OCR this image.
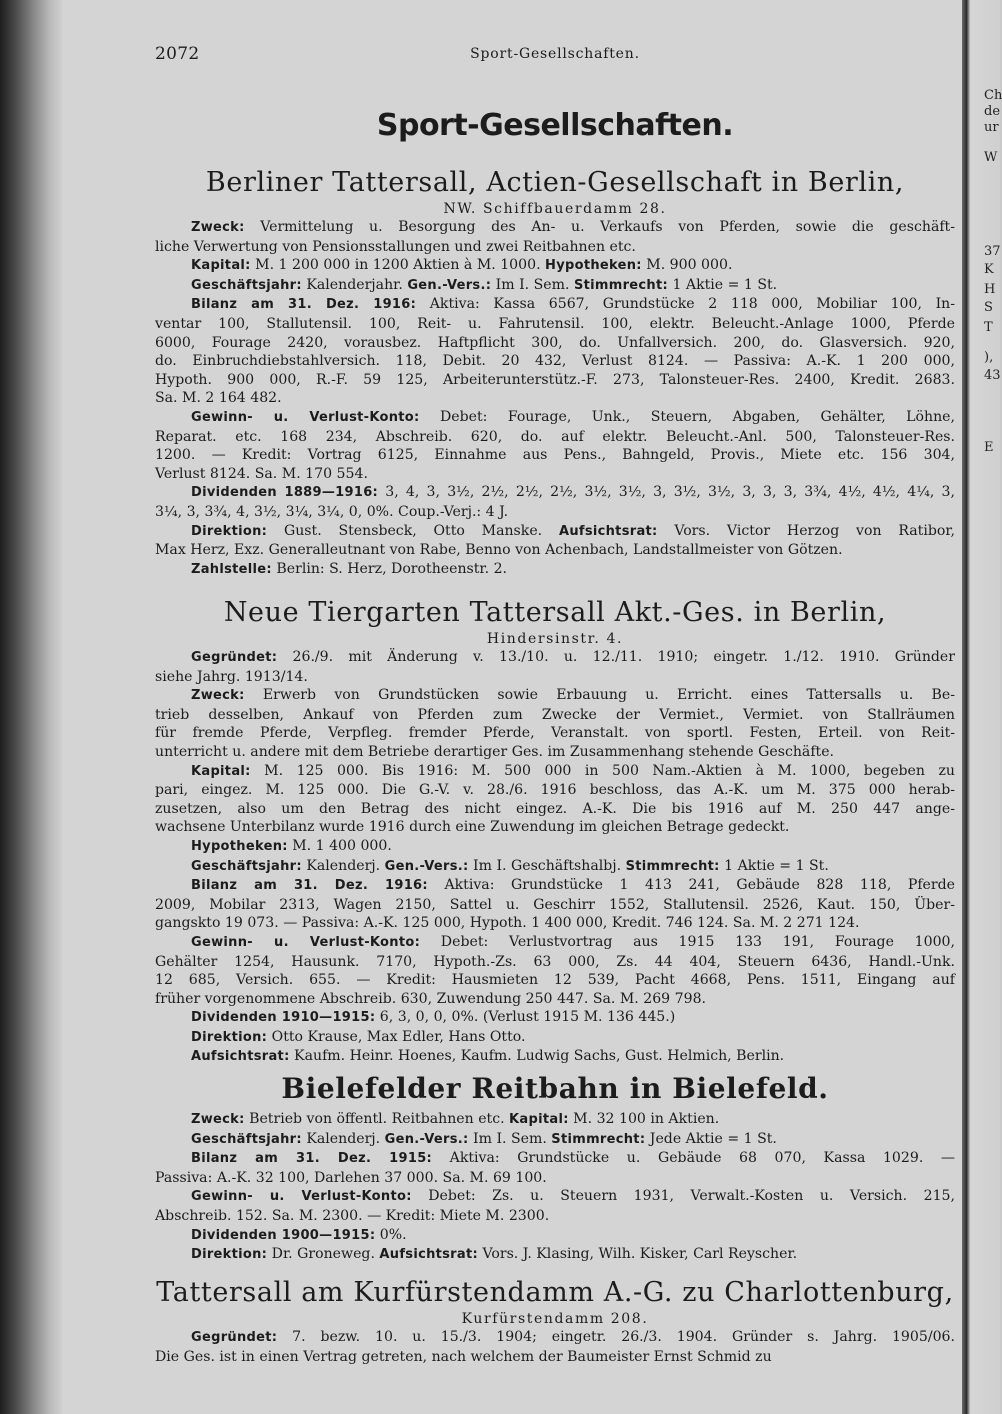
Ch
de
ur
W
37
K
H
S
T
),
43
E
2072	Sport-Gesellschaften.
Sport-Gesellschaften.
Berliner Tattersall, Actien-Gesellschaft in Berlin,
NW. Schiffbauerdamm 28.
Zweck: Vermittelung u. Besorgung des An- u. Verkaufs von Pferden, sowie die geschäft-
liche Verwertung von Pensionsstallungen und zwei Reitbahnen etc.
Kapital: M. 1 200 000 in 1200 Aktien à M. 1000. Hypotheken: M. 900 000.
Geschäftsjahr: Kalenderjahr. Gen.-Vers.: Im I. Sem. Stimmrecht: 1 Aktie = 1 St.
Bilanz am 31. Dez. 1916: Aktiva: Kassa 6567, Grundstücke 2 118 000, Mobiliar 100, In-
ventar 100, Stallutensil. 100, Reit- u. Fahrutensil. 100, elektr. Beleucht.-Anlage 1000, Pferde
6000, Fourage 2420, vorausbez. Haftpflicht 300, do. Unfallversich. 200, do. Glasversich. 920,
do. Einbruchdiebstahlversich. 118, Debit. 20 432, Verlust 8124. — Passiva: A.-K. 1 200 000,
Hypoth. 900 000, R.-F. 59 125, Arbeiterunterstütz.-F. 273, Talonsteuer-Res. 2400, Kredit. 2683.
Sa. M. 2 164 482.
Gewinn- u. Verlust-Konto: Debet: Fourage, Unk., Steuern, Abgaben, Gehälter, Löhne,
Reparat. etc. 168 234, Abschreib. 620, do. auf elektr. Beleucht.-Anl. 500, Talonsteuer-Res.
1200. — Kredit: Vortrag 6125, Einnahme aus Pens., Bahngeld, Provis., Miete etc. 156 304,
Verlust 8124. Sa. M. 170 554.
Dividenden 1889—1916: 3, 4, 3, 3½, 2½, 2½, 2½, 3½, 3½, 3, 3½, 3½, 3, 3, 3, 3¾, 4½, 4½, 4¼, 3,
3¼, 3, 3¾, 4, 3½, 3¼, 3¼, 0, 0%. Coup.-Verj.: 4 J.
Direktion: Gust. Stensbeck, Otto Manske. Aufsichtsrat: Vors. Victor Herzog von Ratibor,
Max Herz, Exz. Generalleutnant von Rabe, Benno von Achenbach, Landstallmeister von Götzen.
Zahlstelle: Berlin: S. Herz, Dorotheenstr. 2.
Neue Tiergarten Tattersall Akt.-Ges. in Berlin,
Hindersinstr. 4.
Gegründet: 26./9. mit Änderung v. 13./10. u. 12./11. 1910; eingetr. 1./12. 1910. Gründer
siehe Jahrg. 1913/14.
Zweck: Erwerb von Grundstücken sowie Erbauung u. Erricht. eines Tattersalls u. Be-
trieb desselben, Ankauf von Pferden zum Zwecke der Vermiet., Vermiet. von Stallräumen
für fremde Pferde, Verpfleg. fremder Pferde, Veranstalt. von sportl. Festen, Erteil. von Reit-
unterricht u. andere mit dem Betriebe derartiger Ges. im Zusammenhang stehende Geschäfte.
Kapital: M. 125 000. Bis 1916: M. 500 000 in 500 Nam.-Aktien à M. 1000, begeben zu
pari, eingez. M. 125 000. Die G.-V. v. 28./6. 1916 beschloss, das A.-K. um M. 375 000 herab-
zusetzen, also um den Betrag des nicht eingez. A.-K. Die bis 1916 auf M. 250 447 ange-
wachsene Unterbilanz wurde 1916 durch eine Zuwendung im gleichen Betrage gedeckt.
Hypotheken: M. 1 400 000.
Geschäftsjahr: Kalenderj. Gen.-Vers.: Im I. Geschäftshalbj. Stimmrecht: 1 Aktie = 1 St.
Bilanz am 31. Dez. 1916: Aktiva: Grundstücke 1 413 241, Gebäude 828 118, Pferde
2009, Mobilar 2313, Wagen 2150, Sattel u. Geschirr 1552, Stallutensil. 2526, Kaut. 150, Über-
gangskto 19 073. — Passiva: A.-K. 125 000, Hypoth. 1 400 000, Kredit. 746 124. Sa. M. 2 271 124.
Gewinn- u. Verlust-Konto: Debet: Verlustvortrag aus 1915 133 191, Fourage 1000,
Gehälter 1254, Hausunk. 7170, Hypoth.-Zs. 63 000, Zs. 44 404, Steuern 6436, Handl.-Unk.
12 685, Versich. 655. — Kredit: Hausmieten 12 539, Pacht 4668, Pens. 1511, Eingang auf
früher vorgenommene Abschreib. 630, Zuwendung 250 447. Sa. M. 269 798.
Dividenden 1910—1915: 6, 3, 0, 0, 0%. (Verlust 1915 M. 136 445.)
Direktion: Otto Krause, Max Edler, Hans Otto.
Aufsichtsrat: Kaufm. Heinr. Hoenes, Kaufm. Ludwig Sachs, Gust. Helmich, Berlin.
Bielefelder Reitbahn in Bielefeld.
Zweck: Betrieb von öffentl. Reitbahnen etc. Kapital: M. 32 100 in Aktien.
Geschäftsjahr: Kalenderj. Gen.-Vers.: Im I. Sem. Stimmrecht: Jede Aktie = 1 St.
Bilanz am 31. Dez. 1915: Aktiva: Grundstücke u. Gebäude 68 070, Kassa 1029. —
Passiva: A.-K. 32 100, Darlehen 37 000. Sa. M. 69 100.
Gewinn- u. Verlust-Konto: Debet: Zs. u. Steuern 1931, Verwalt.-Kosten u. Versich. 215,
Abschreib. 152. Sa. M. 2300. — Kredit: Miete M. 2300.
Dividenden 1900—1915: 0%.
Direktion: Dr. Groneweg. Aufsichtsrat: Vors. J. Klasing, Wilh. Kisker, Carl Reyscher.
Tattersall am Kurfürstendamm A.-G. zu Charlottenburg,
Kurfürstendamm 208.
Gegründet: 7. bezw. 10. u. 15./3. 1904; eingetr. 26./3. 1904. Gründer s. Jahrg. 1905/06.
Die Ges. ist in einen Vertrag getreten, nach welchem der Baumeister Ernst Schmid zu
